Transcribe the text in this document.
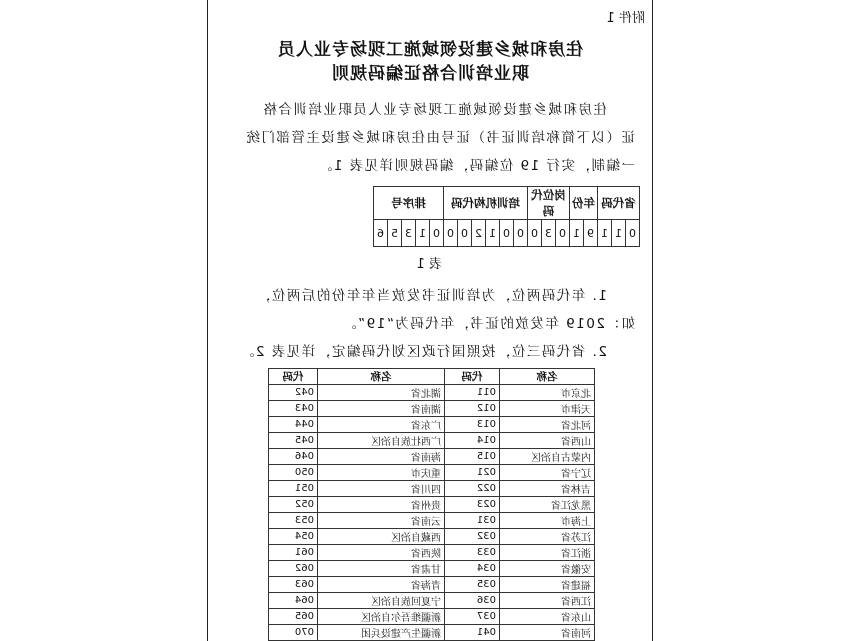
附件 1
住房和城乡建设领域施工现场专业人员
职业培训合格证编码规则
住房和城乡建设领域施工现场专业人员职业培训合格
证（以下简称培训证书）证号由住房和城乡建设主管部门统
一编制，实行 19 位编码，编码规则详见表 1。
省代码			年份		岗位代码			培训机构代码						排序号				
0	1	1	9	1	0	3	0	0	0	1	2	0	0	0	1	3	5	6
表 1
1. 年代码两位，为培训证书发放当年年份的后两位，
如：2019 年发放的证书，年代码为“19”。
2. 省代码三位，按照国行政区划代码编定，详见表 2。
名称	代码	名称	代码
北京市	011	湖北省	042
天津市	012	湖南省	043
河北省	013	广东省	044
山西省	014	广西壮族自治区	045
内蒙古自治区	015	海南省	046
辽宁省	021	重庆市	050
吉林省	022	四川省	051
黑龙江省	023	贵州省	052
上海市	031	云南省	053
江苏省	032	西藏自治区	054
浙江省	033	陕西省	061
安徽省	034	甘肃省	062
福建省	035	青海省	063
江西省	036	宁夏回族自治区	064
山东省	037	新疆维吾尔自治区	065
河南省	041	新疆生产建设兵团	070
